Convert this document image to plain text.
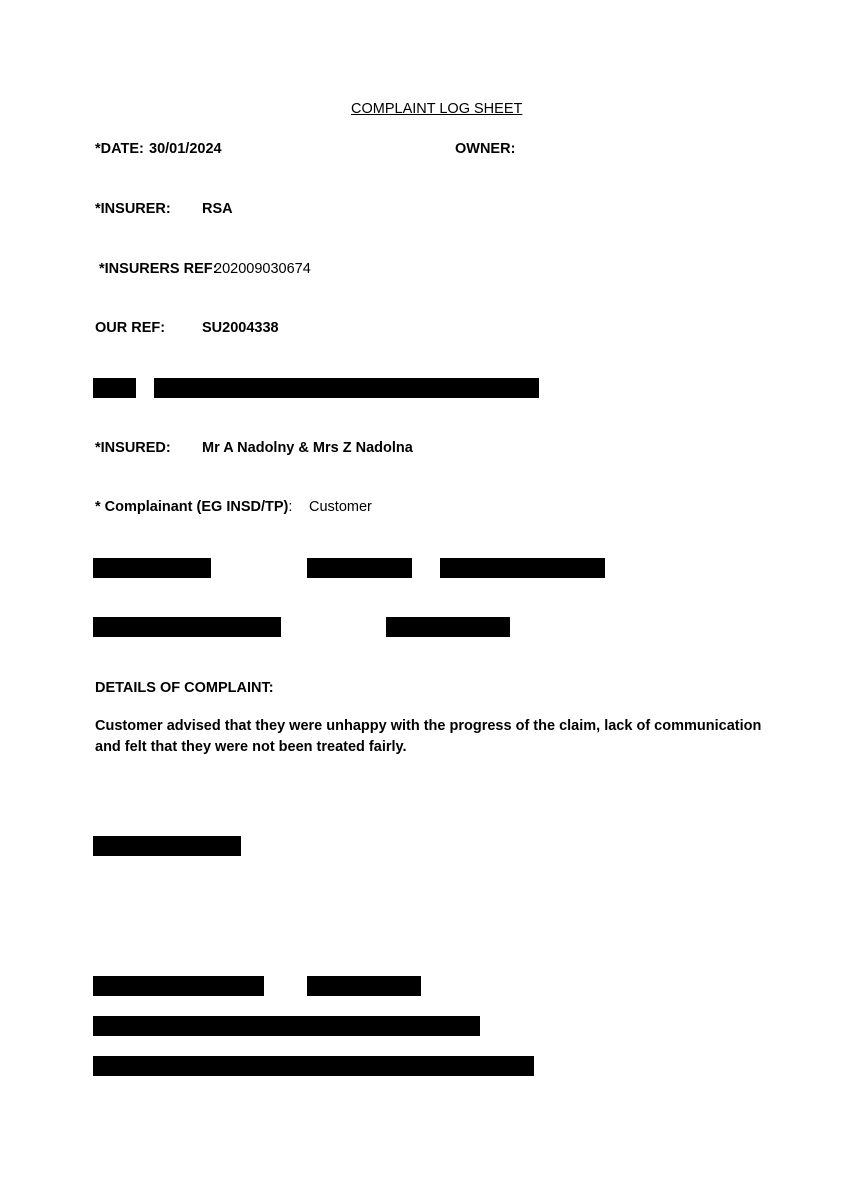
COMPLAINT LOG SHEET
*DATE: 30/01/2024	OWNER:
*INSURER: RSA
*INSURERS REF:
202009030674
OUR REF:	SU2004338
*INSURED: Mr A Nadolny & Mrs Z Nadolna
* Complainant (EG INSD/TP): Customer
DETAILS OF COMPLAINT:
Customer advised that they were unhappy with the progress of the claim, lack of communication and felt that they were not been treated fairly.
